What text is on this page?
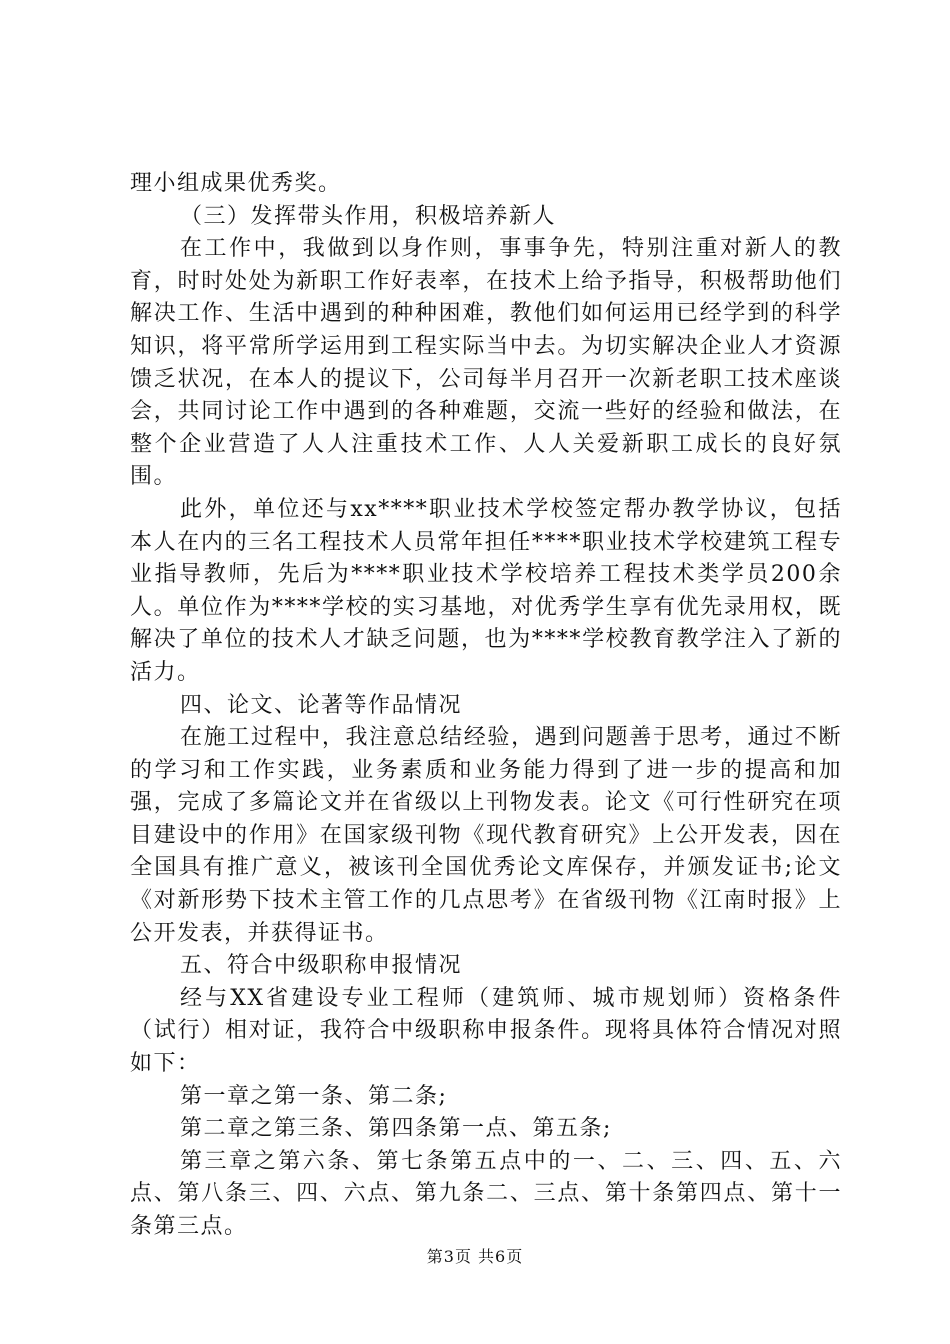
理小组成果优秀奖。

（三）发挥带头作用，积极培养新人

在工作中，我做到以身作则，事事争先，特别注重对新人的教育，时时处处为新职工作好表率，在技术上给予指导，积极帮助他们解决工作、生活中遇到的种种困难，教他们如何运用已经学到的科学知识，将平常所学运用到工程实际当中去。为切实解决企业人才资源馈乏状况，在本人的提议下，公司每半月召开一次新老职工技术座谈会，共同讨论工作中遇到的各种难题，交流一些好的经验和做法，在整个企业营造了人人注重技术工作、人人关爱新职工成长的良好氛围。

此外，单位还与xx****职业技术学校签定帮办教学协议，包括本人在内的三名工程技术人员常年担任****职业技术学校建筑工程专业指导教师，先后为****职业技术学校培养工程技术类学员200余人。单位作为****学校的实习基地，对优秀学生享有优先录用权，既解决了单位的技术人才缺乏问题，也为****学校教育教学注入了新的活力。

四、论文、论著等作品情况

在施工过程中，我注意总结经验，遇到问题善于思考，通过不断的学习和工作实践，业务素质和业务能力得到了进一步的提高和加强，完成了多篇论文并在省级以上刊物发表。论文《可行性研究在项目建设中的作用》在国家级刊物《现代教育研究》上公开发表，因在全国具有推广意义，被该刊全国优秀论文库保存，并颁发证书;论文《对新形势下技术主管工作的几点思考》在省级刊物《江南时报》上公开发表，并获得证书。

五、符合中级职称申报情况

经与XX省建设专业工程师（建筑师、城市规划师）资格条件（试行）相对证，我符合中级职称申报条件。现将具体符合情况对照如下：

第一章之第一条、第二条;

第二章之第三条、第四条第一点、第五条;

第三章之第六条、第七条第五点中的一、二、三、四、五、六点、第八条三、四、六点、第九条二、三点、第十条第四点、第十一条第三点。

第3页 共6页
